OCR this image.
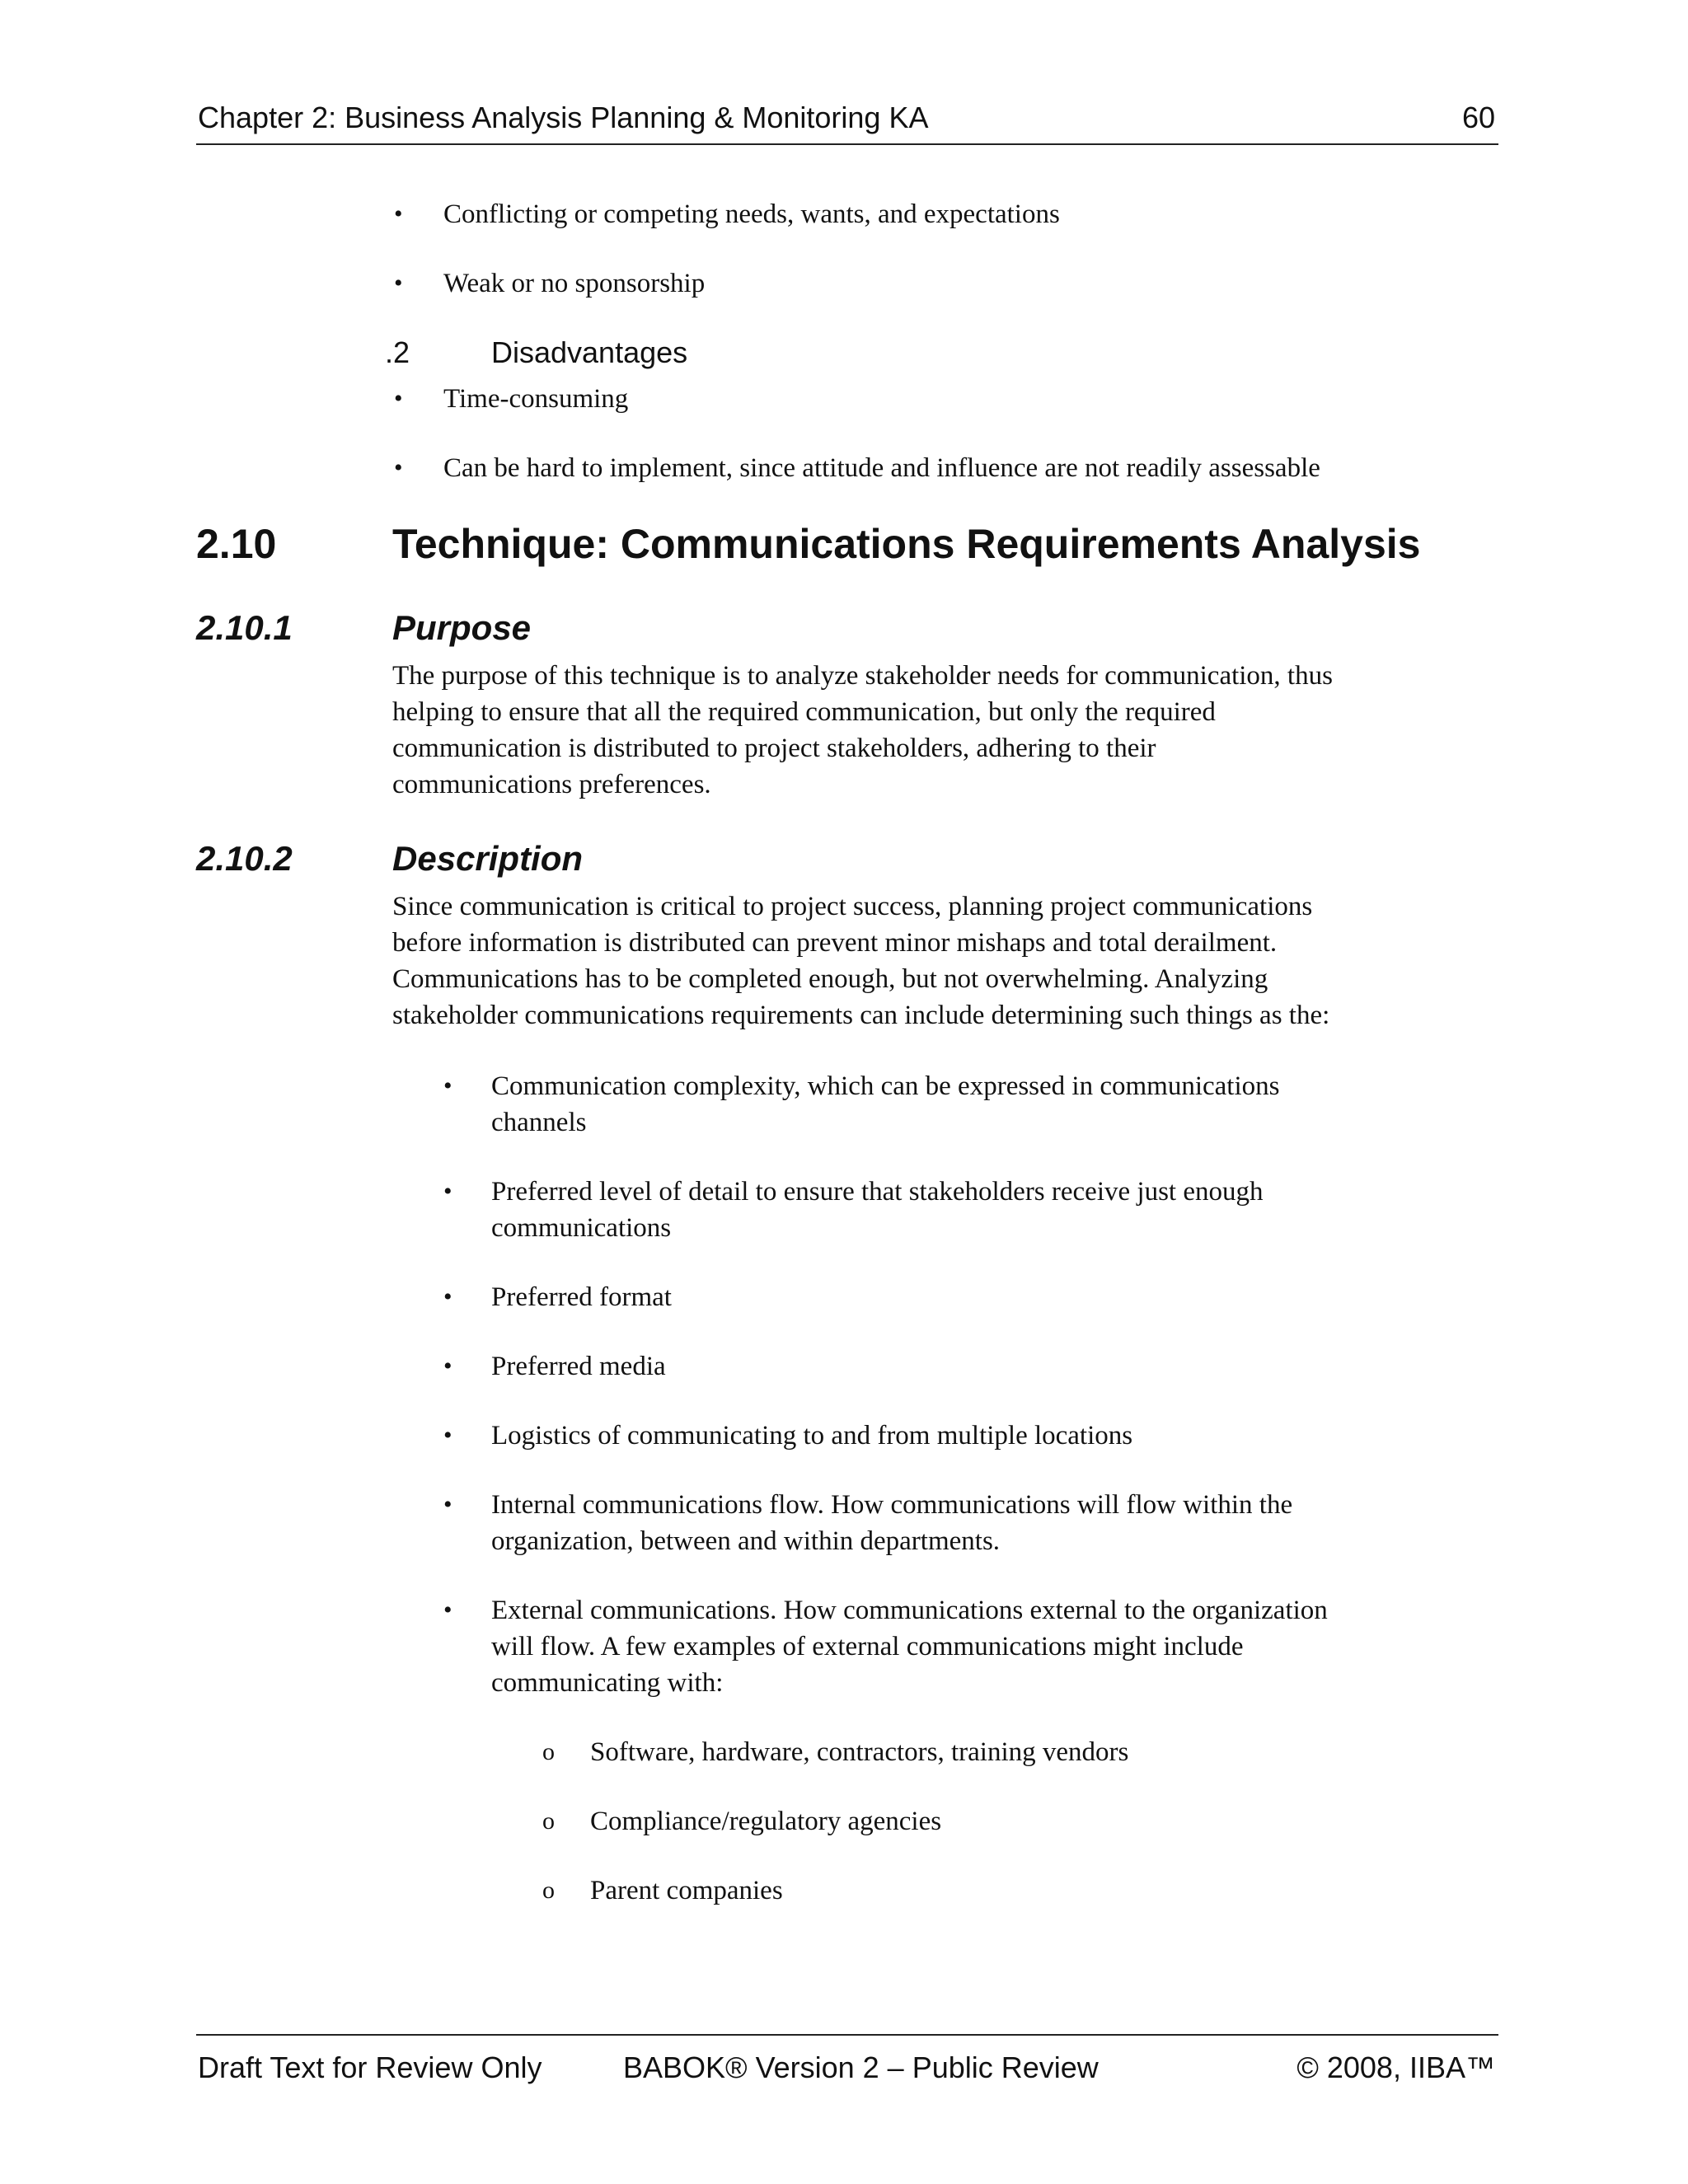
Chapter 2: Business Analysis Planning & Monitoring KA	60
• Conflicting or competing needs, wants, and expectations
• Weak or no sponsorship
.2	Disadvantages
• Time-consuming
• Can be hard to implement, since attitude and influence are not readily assessable
2.10	Technique: Communications Requirements Analysis
2.10.1	Purpose
The purpose of this technique is to analyze stakeholder needs for communication, thus
helping to ensure that all the required communication, but only the required
communication is distributed to project stakeholders, adhering to their
communications preferences.
2.10.2	Description
Since communication is critical to project success, planning project communications
before information is distributed can prevent minor mishaps and total derailment.
Communications has to be completed enough, but not overwhelming. Analyzing
stakeholder communications requirements can include determining such things as the:
• Communication complexity, which can be expressed in communications
channels
• Preferred level of detail to ensure that stakeholders receive just enough
communications
• Preferred format
• Preferred media
• Logistics of communicating to and from multiple locations
• Internal communications flow. How communications will flow within the
organization, between and within departments.
• External communications. How communications external to the organization
will flow. A few examples of external communications might include
communicating with:
o Software, hardware, contractors, training vendors
o Compliance/regulatory agencies
o Parent companies
Draft Text for Review Only	BABOK® Version 2 – Public Review	© 2008, IIBA™
